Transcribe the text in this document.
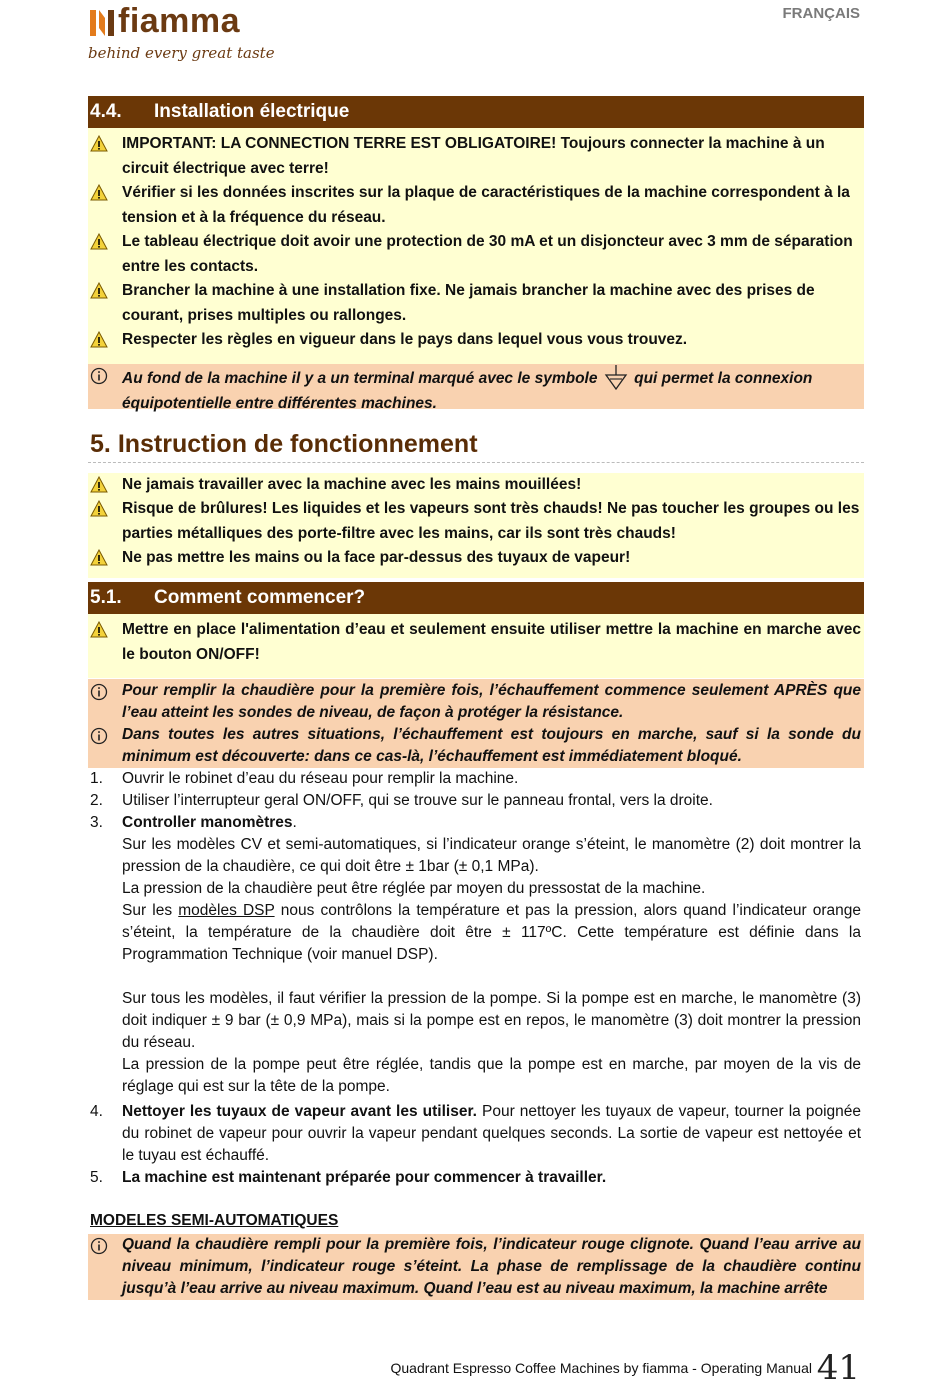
fiamma
behind every great taste
FRANÇAIS
4.4. Installation électrique
IMPORTANT: LA CONNECTION TERRE EST OBLIGATOIRE! Toujours connecter la machine à un circuit électrique avec terre!
Vérifier si les données inscrites sur la plaque de caractéristiques de la machine correspondent à la tension et à la fréquence du réseau.
Le tableau électrique doit avoir une protection de 30 mA et un disjoncteur avec 3 mm de séparation entre les contacts.
Brancher la machine à une installation fixe. Ne jamais brancher la machine avec des prises de courant, prises multiples ou rallonges.
Respecter les règles en vigueur dans le pays dans lequel vous vous trouvez.
Au fond de la machine il y a un terminal marqué avec le symbole qui permet la connexion
équipotentielle entre différentes machines.
5. Instruction de fonctionnement
Ne jamais travailler avec la machine avec les mains mouillées!
Risque de brûlures! Les liquides et les vapeurs sont très chauds! Ne pas toucher les groupes ou les parties métalliques des porte-filtre avec les mains, car ils sont très chauds!
Ne pas mettre les mains ou la face par-dessus des tuyaux de vapeur!
5.1. Comment commencer?
Mettre en place l'alimentation d’eau et seulement ensuite utiliser mettre la machine en marche avec le bouton ON/OFF!
Pour remplir la chaudière pour la première fois, l’échauffement commence seulement APRÈS que l’eau atteint les sondes de niveau, de façon à protéger la résistance.
Dans toutes les autres situations, l’échauffement est toujours en marche, sauf si la sonde du minimum est découverte: dans ce cas-là, l’échauffement est immédiatement bloqué.
1. Ouvrir le robinet d’eau du réseau pour remplir la machine.
2. Utiliser l’interrupteur geral ON/OFF, qui se trouve sur le panneau frontal, vers la droite.
3. Controller manomètres.
Sur les modèles CV et semi-automatiques, si l’indicateur orange s’éteint, le manomètre (2) doit montrer la pression de la chaudière, ce qui doit être ± 1bar (± 0,1 MPa).
La pression de la chaudière peut être réglée par moyen du pressostat de la machine.
Sur les modèles DSP nous contrôlons la température et pas la pression, alors quand l’indicateur orange s’éteint, la température de la chaudière doit être ± 117ºC. Cette température est définie dans la Programmation Technique (voir manuel DSP).
Sur tous les modèles, il faut vérifier la pression de la pompe. Si la pompe est en marche, le manomètre (3) doit indiquer ± 9 bar (± 0,9 MPa), mais si la pompe est en repos, le manomètre (3) doit montrer la pression du réseau.
La pression de la pompe peut être réglée, tandis que la pompe est en marche, par moyen de la vis de réglage qui est sur la tête de la pompe.
4. Nettoyer les tuyaux de vapeur avant les utiliser. Pour nettoyer les tuyaux de vapeur, tourner la poignée du robinet de vapeur pour ouvrir la vapeur pendant quelques seconds. La sortie de vapeur est nettoyée et le tuyau est échauffé.
5. La machine est maintenant préparée pour commencer à travailler.
MODELES SEMI-AUTOMATIQUES
Quand la chaudière rempli pour la première fois, l’indicateur rouge clignote. Quand l’eau arrive au niveau minimum, l’indicateur rouge s’éteint. La phase de remplissage de la chaudière continu jusqu’à l’eau arrive au niveau maximum. Quand l’eau est au niveau maximum, la machine arrête
Quadrant Espresso Coffee Machines by fiamma - Operating Manual 41
